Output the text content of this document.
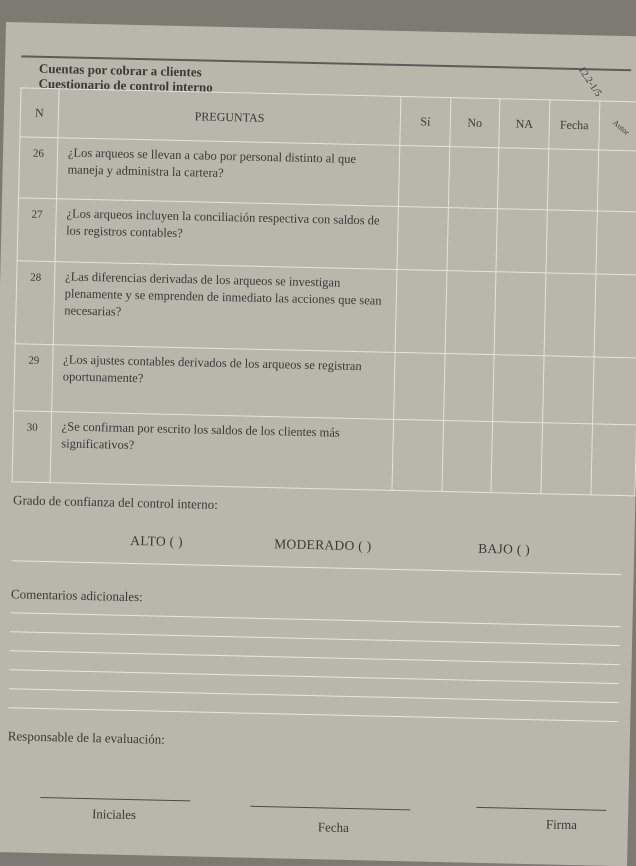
Cuentas por cobrar a clientes
Cuestionario de control interno	12.2-1/5
N	PREGUNTAS	Sí	No	NA	Fecha	Autor

26	¿Los arqueos se llevan a cabo por personal distinto al que maneja y administra la cartera?					

27	¿Los arqueos incluyen la conciliación respectiva con saldos de los registros contables?					

28	¿Las diferencias derivadas de los arqueos se investigan plenamente y se emprenden de inmediato las acciones que sean necesarias?					

29	¿Los ajustes contables derivados de los arqueos se registran oportunamente?					

30	¿Se confirman por escrito los saldos de los clientes más significativos?					

Grado de confianza del control interno:
ALTO ( )	MODERADO ( )	BAJO ( )
Comentarios adicionales:
Responsable de la evaluación:
Iniciales
Fecha	Firma
